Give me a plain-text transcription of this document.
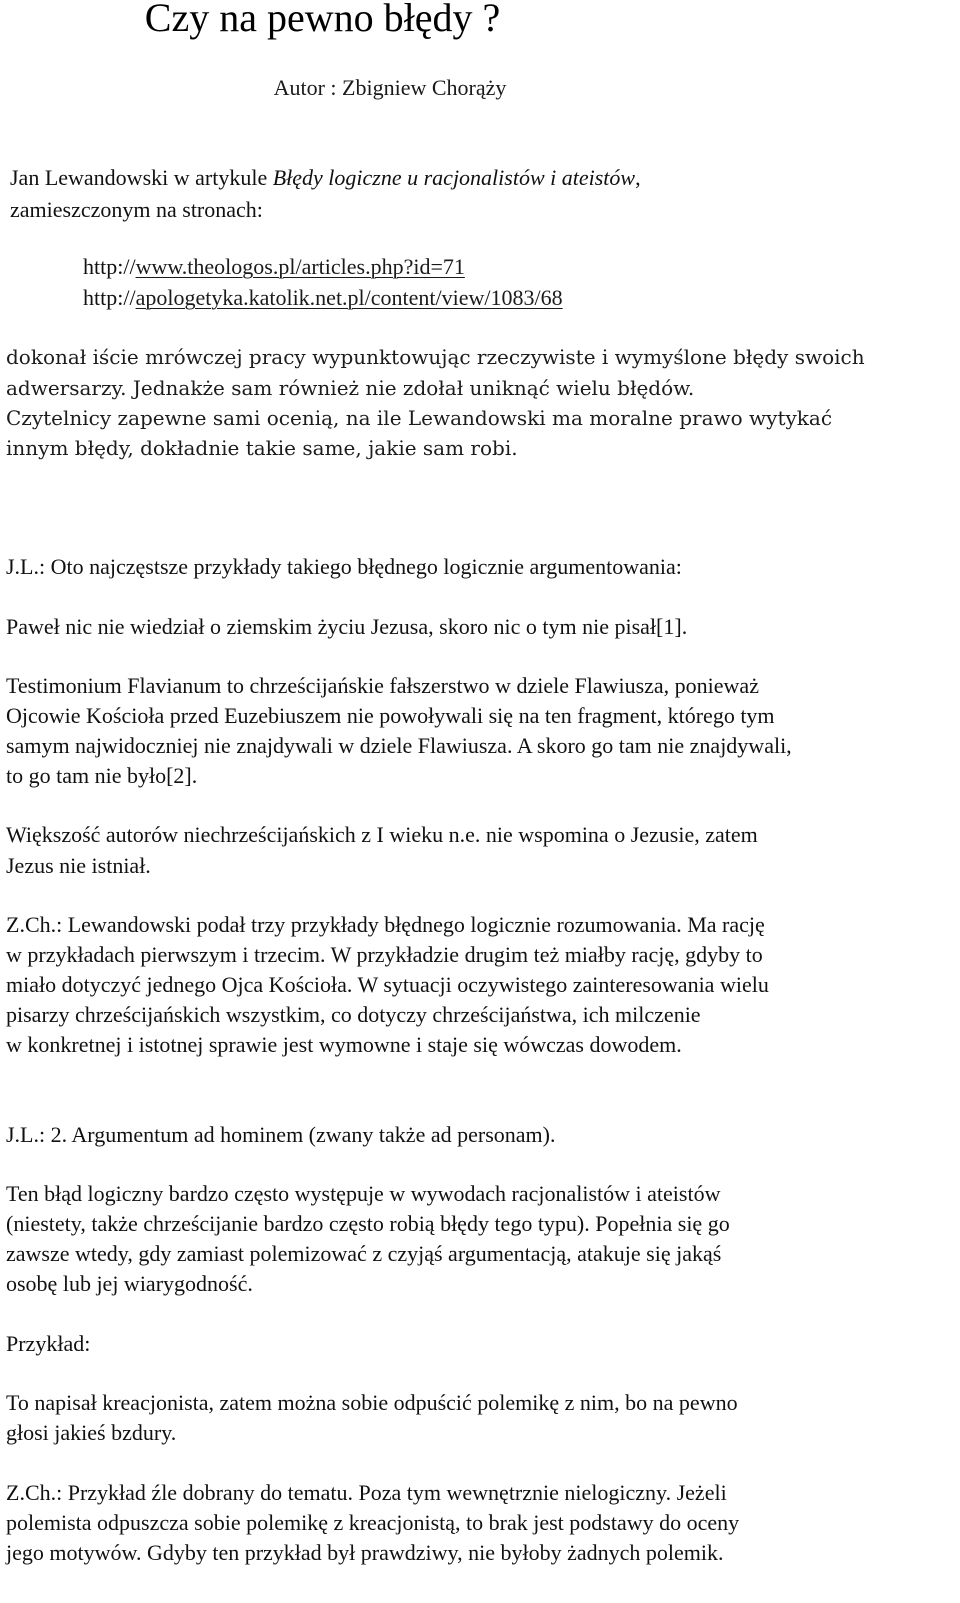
Czy na pewno błędy ?
Autor : Zbigniew Chorąży
Jan Lewandowski w artykule Błędy logiczne u racjonalistów i ateistów,
zamieszczonym na stronach:
http://www.theologos.pl/articles.php?id=71
http://apologetyka.katolik.net.pl/content/view/1083/68
dokonał iście mrówczej pracy wypunktowując rzeczywiste i wymyślone błędy swoich
adwersarzy. Jednakże sam również nie zdołał uniknąć wielu błędów.
Czytelnicy zapewne sami ocenią, na ile Lewandowski ma moralne prawo wytykać
innym błędy, dokładnie takie same, jakie sam robi.
J.L.: Oto najczęstsze przykłady takiego błędnego logicznie argumentowania:
Paweł nic nie wiedział o ziemskim życiu Jezusa, skoro nic o tym nie pisał[1].
Testimonium Flavianum to chrześcijańskie fałszerstwo w dziele Flawiusza, ponieważ
Ojcowie Kościoła przed Euzebiuszem nie powoływali się na ten fragment, którego tym
samym najwidoczniej nie znajdywali w dziele Flawiusza. A skoro go tam nie znajdywali,
to go tam nie było[2].
Większość autorów niechrześcijańskich z I wieku n.e. nie wspomina o Jezusie, zatem
Jezus nie istniał.
Z.Ch.: Lewandowski podał trzy przykłady błędnego logicznie rozumowania. Ma rację
w przykładach pierwszym i trzecim. W przykładzie drugim też miałby rację, gdyby to
miało dotyczyć jednego Ojca Kościoła. W sytuacji oczywistego zainteresowania wielu
pisarzy chrześcijańskich wszystkim, co dotyczy chrześcijaństwa, ich milczenie
w konkretnej i istotnej sprawie jest wymowne i staje się wówczas dowodem.
J.L.: 2. Argumentum ad hominem (zwany także ad personam).
Ten błąd logiczny bardzo często występuje w wywodach racjonalistów i ateistów
(niestety, także chrześcijanie bardzo często robią błędy tego typu). Popełnia się go
zawsze wtedy, gdy zamiast polemizować z czyjąś argumentacją, atakuje się jakąś
osobę lub jej wiarygodność.
Przykład:
To napisał kreacjonista, zatem można sobie odpuścić polemikę z nim, bo na pewno
głosi jakieś bzdury.
Z.Ch.: Przykład źle dobrany do tematu. Poza tym wewnętrznie nielogiczny. Jeżeli
polemista odpuszcza sobie polemikę z kreacjonistą, to brak jest podstawy do oceny
jego motywów. Gdyby ten przykład był prawdziwy, nie byłoby żadnych polemik.
